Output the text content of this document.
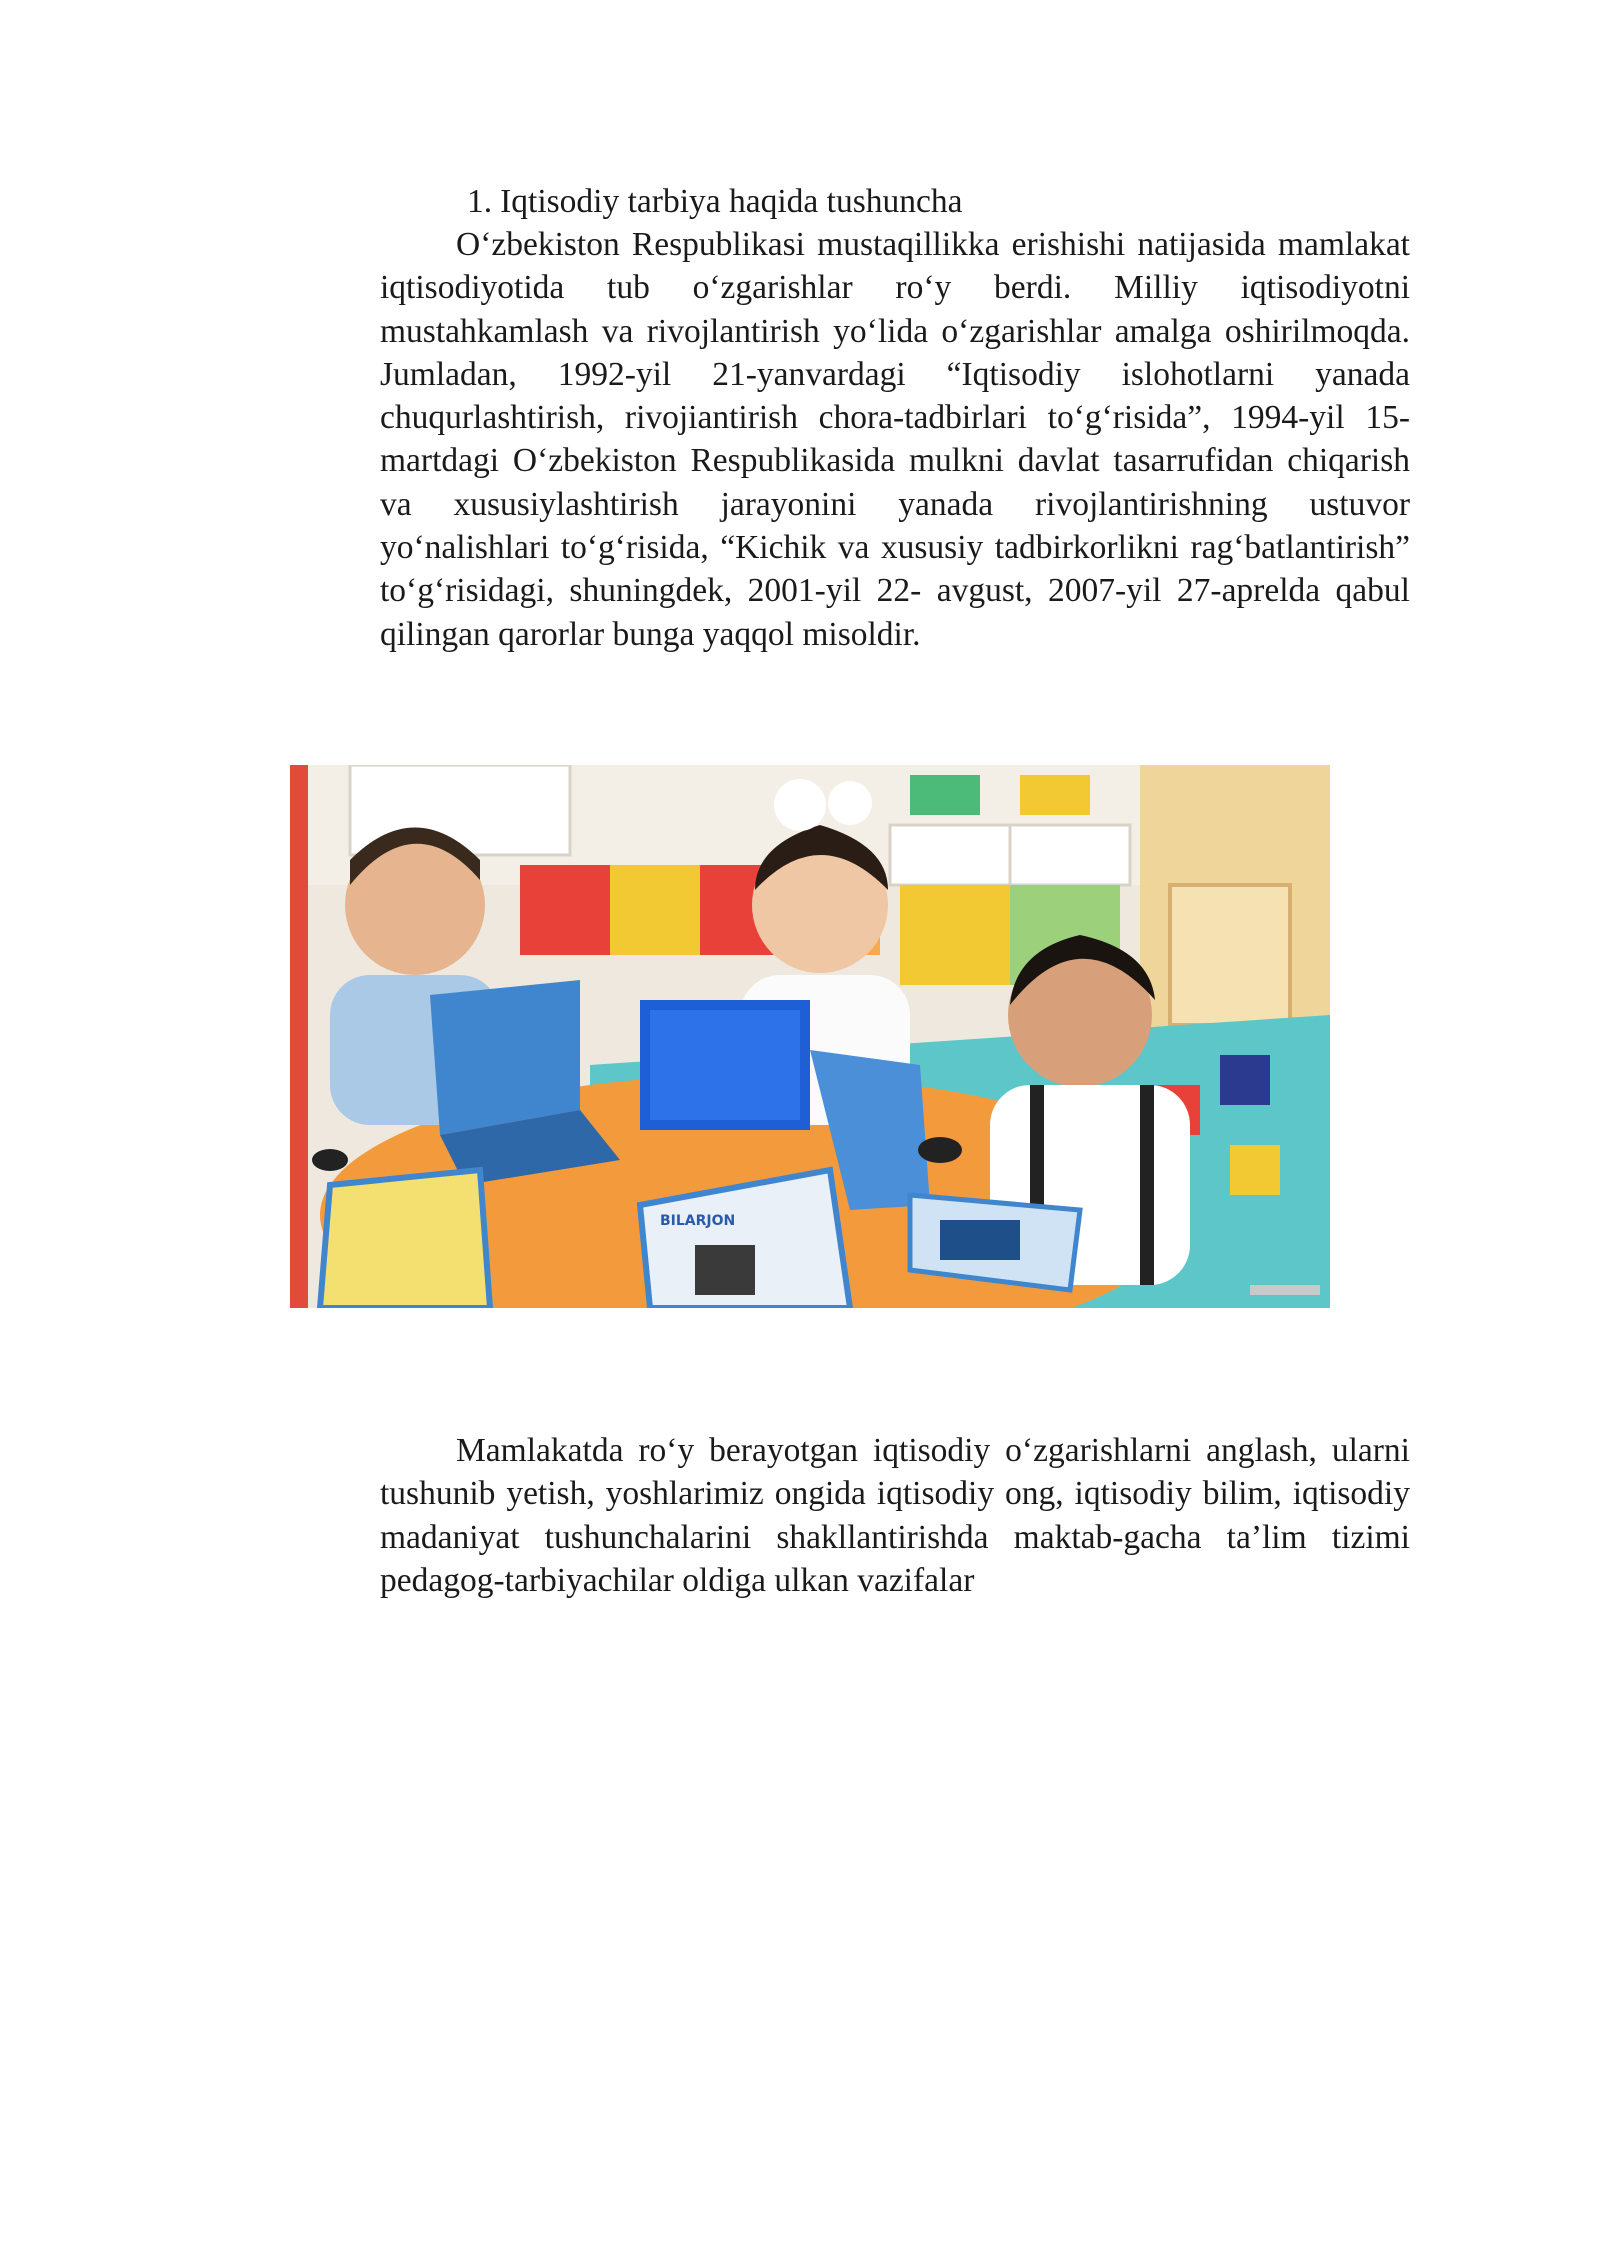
1. Iqtisodiy tarbiya haqida tushuncha
O‘zbekiston Respublikasi mustaqillikka erishishi natijasida mamlakat iqtisodiyotida tub o‘zgarishlar ro‘y berdi. Milliy iqtisodiyotni mustahkamlash va rivojlantirish yo‘lida o‘zgarishlar amalga oshirilmoqda. Jumladan, 1992-yil 21-yanvardagi “Iqtisodiy islohotlarni yanada chuqurlashtirish, rivojiantirish chora-tadbirlari to‘g‘risida”, 1994-yil 15-martdagi O‘zbekiston Respublikasida mulkni davlat tasarrufidan chiqarish va xususiylashtirish jarayonini yanada rivojlantirishning ustuvor yo‘nalishlari to‘g‘risida, “Kichik va xususiy tadbirkorlikni rag‘batlantirish” to‘g‘risidagi, shuningdek, 2001-yil 22- avgust, 2007-yil 27-aprelda qabul qilingan qarorlar bunga yaqqol misoldir.
BILARJON
Mamlakatda ro‘y berayotgan iqtisodiy o‘zgarishlarni anglash, ularni tushunib yetish, yoshlarimiz ongida iqtisodiy ong, iqtisodiy bilim, iqtisodiy madaniyat tushunchalarini shakllantirishda maktab-gacha ta’lim tizimi pedagog-tarbiyachilar oldiga ulkan vazifalar
